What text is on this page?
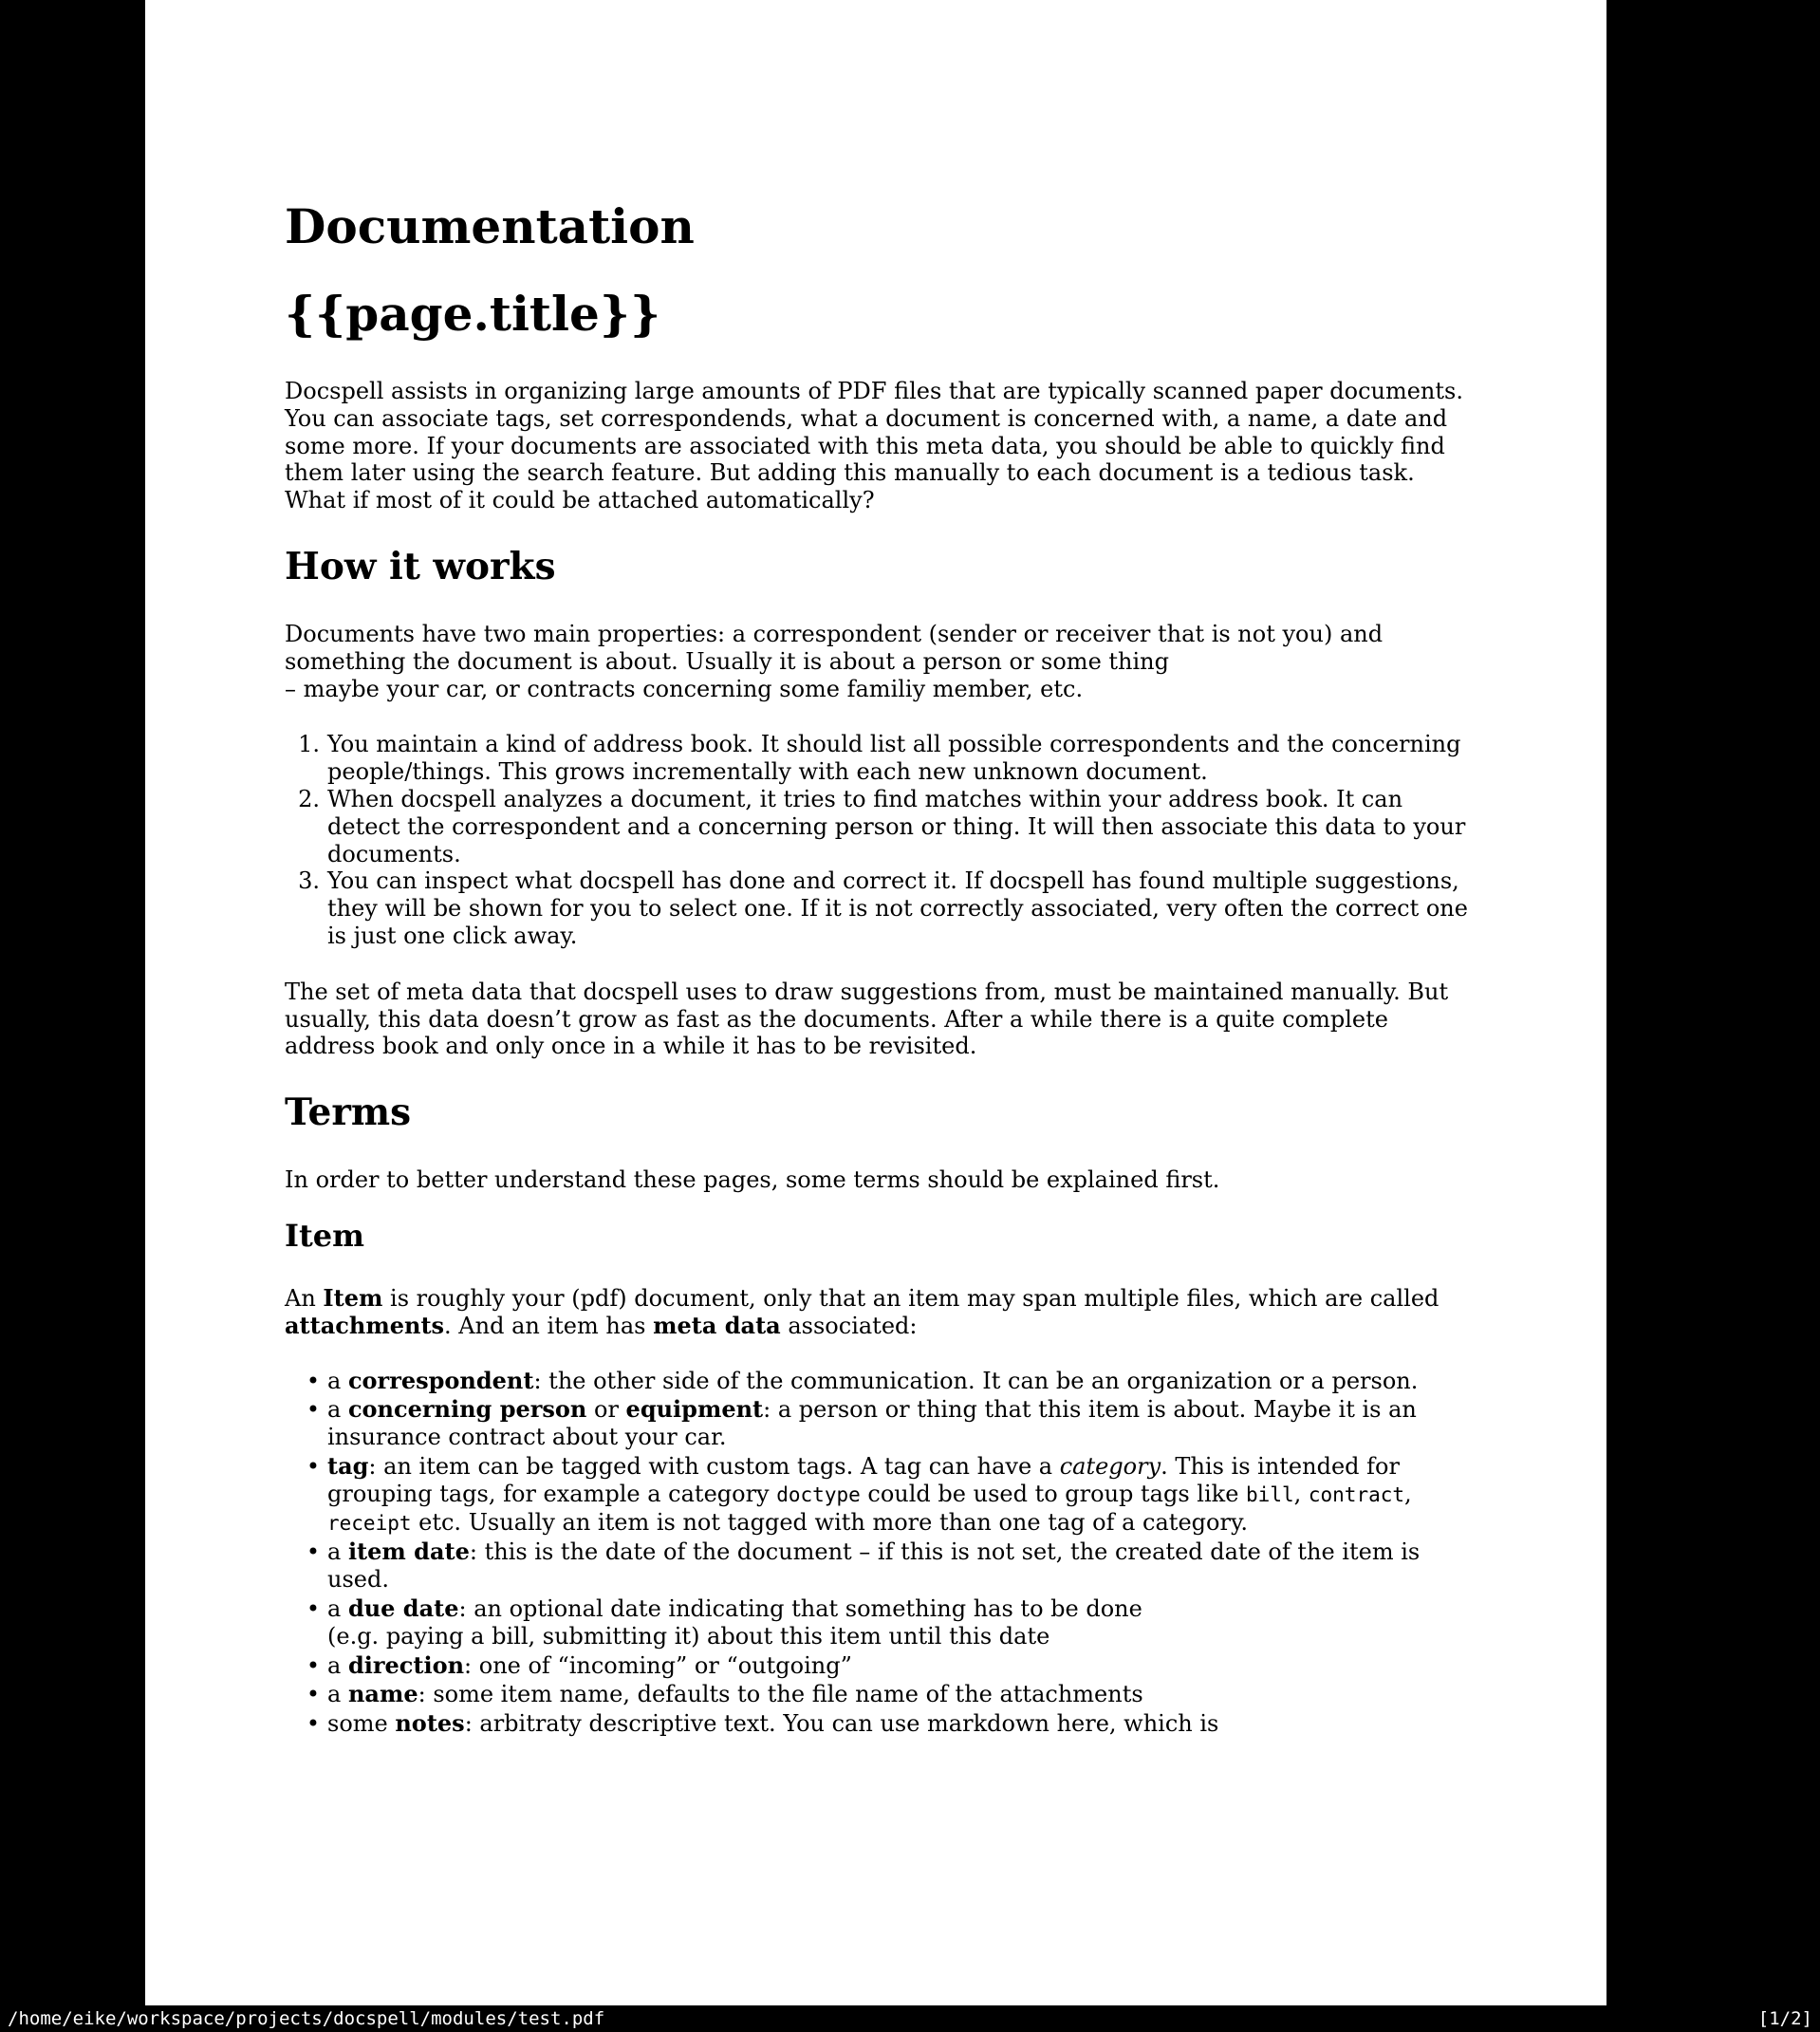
Documentation
{{page.title}}

Docspell assists in organizing large amounts of PDF files that are typically scanned paper documents. You can associate tags, set correspondends, what a document is concerned with, a name, a date and some more. If your documents are associated with this meta data, you should be able to quickly find them later using the search feature. But adding this manually to each document is a tedious task. What if most of it could be attached automatically?

How it works

Documents have two main properties: a correspondent (sender or receiver that is not you) and something the document is about. Usually it is about a person or some thing
– maybe your car, or contracts concerning some familiy member, etc.

1. You maintain a kind of address book. It should list all possible correspondents and the concerning people/things. This grows incrementally with each new unknown document.
2. When docspell analyzes a document, it tries to find matches within your address book. It can detect the correspondent and a concerning person or thing. It will then associate this data to your documents.
3. You can inspect what docspell has done and correct it. If docspell has found multiple suggestions, they will be shown for you to select one. If it is not correctly associated, very often the correct one is just one click away.

The set of meta data that docspell uses to draw suggestions from, must be maintained manually. But usually, this data doesn’t grow as fast as the documents. After a while there is a quite complete address book and only once in a while it has to be revisited.

Terms

In order to better understand these pages, some terms should be explained first.

Item

An Item is roughly your (pdf) document, only that an item may span multiple files, which are called attachments. And an item has meta data associated:

• a correspondent: the other side of the communication. It can be an organization or a person.
• a concerning person or equipment: a person or thing that this item is about. Maybe it is an insurance contract about your car.
• tag: an item can be tagged with custom tags. A tag can have a category. This is intended for grouping tags, for example a category doctype could be used to group tags like bill, contract, receipt etc. Usually an item is not tagged with more than one tag of a category.
• a item date: this is the date of the document – if this is not set, the created date of the item is used.
• a due date: an optional date indicating that something has to be done
(e.g. paying a bill, submitting it) about this item until this date
• a direction: one of “incoming” or “outgoing”
• a name: some item name, defaults to the file name of the attachments
• some notes: arbitraty descriptive text. You can use markdown here, which is
/home/eike/workspace/projects/docspell/modules/test.pdf	[1/2]
